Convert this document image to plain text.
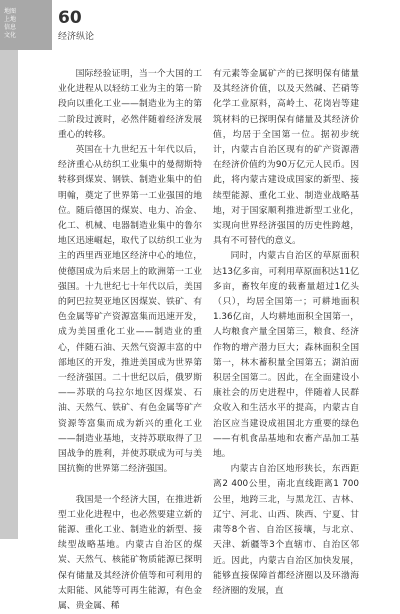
地图
上地
信息
文化
60
经济纵论

国际经验证明，当一个大国的工业化进程从以轻纺工业为主的第一阶段向以重化工业——制造业为主的第二阶段过渡时，必然伴随着经济发展重心的转移。

英国在十九世纪五十年代以后，经济重心从纺织工业集中的曼彻斯特转移到煤炭、钢铁、制造业集中的伯明翰，奠定了世界第一工业强国的地位。随后德国的煤炭、电力、冶金、化工、机械、电器制造业集中的鲁尔地区迅速崛起，取代了以纺织工业为主的西里西亚地区经济中心的地位，使德国成为后来居上的欧洲第一工业强国。十九世纪七十年代以后，美国的阿巴拉契亚地区因煤炭、铁矿、有色金属等矿产资源富集而迅速开发，成为美国重化工业——制造业的重心，伴随石油、天然气资源丰富的中部地区的开发，推进美国成为世界第一经济强国。二十世纪以后，俄罗斯——苏联的乌拉尔地区因煤炭、石油、天然气、铁矿、有色金属等矿产资源等富集而成为新兴的重化工业——制造业基地，支持苏联取得了卫国战争的胜利，并使苏联成为可与美国抗衡的世界第二经济强国。

我国是一个经济大国，在推进新型工业化进程中，也必然要建立新的能源、重化工业、制造业的新型、接续型战略基地。内蒙古自治区的煤炭、天然气、核能矿物质能源已探明保有储量及其经济价值等和可利用的太阳能、风能等可再生能源，有色金属、贵金属、稀

有元素等金属矿产的已探明保有储量及其经济价值，以及天然碱、芒硝等化学工业原料，高岭土、花岗岩等建筑材料的已探明保有储量及其经济价值，均居于全国第一位。据初步统计，内蒙古自治区现有的矿产资源潜在经济价值约为90万亿元人民币。因此，将内蒙古建设成国家的新型、接续型能源、重化工业、制造业战略基地，对于国家顺利推进新型工业化，实现向世界经济强国的历史性跨越，具有不可替代的意义。

同时，内蒙古自治区的草原面积达13亿多亩，可利用草原面积达11亿多亩，畜牧年度的载畜量超过1亿头（只），均居全国第一；可耕地面积1.36亿亩，人均耕地面积全国第一，人均粮食产量全国第三，粮食、经济作物的增产潜力巨大；森林面积全国第一，林木蓄积量全国第五；湖泊面积居全国第二。因此，在全面建设小康社会的历史进程中，伴随着人民群众收入和生活水平的提高，内蒙古自治区应当建设成祖国北方重要的绿色——有机食品基地和农畜产品加工基地。

内蒙古自治区地形狭长，东西距离2 400公里，南北直线距离1 700公里，地跨三北，与黑龙江、吉林、辽宁、河北、山西、陕西、宁夏、甘肃等8个省、自治区接壤，与北京、天津、新疆等3个直辖市、自治区邻近。因此，内蒙古自治区加快发展，能够直接保障首都经济圈以及环渤海经济圈的发展，直
